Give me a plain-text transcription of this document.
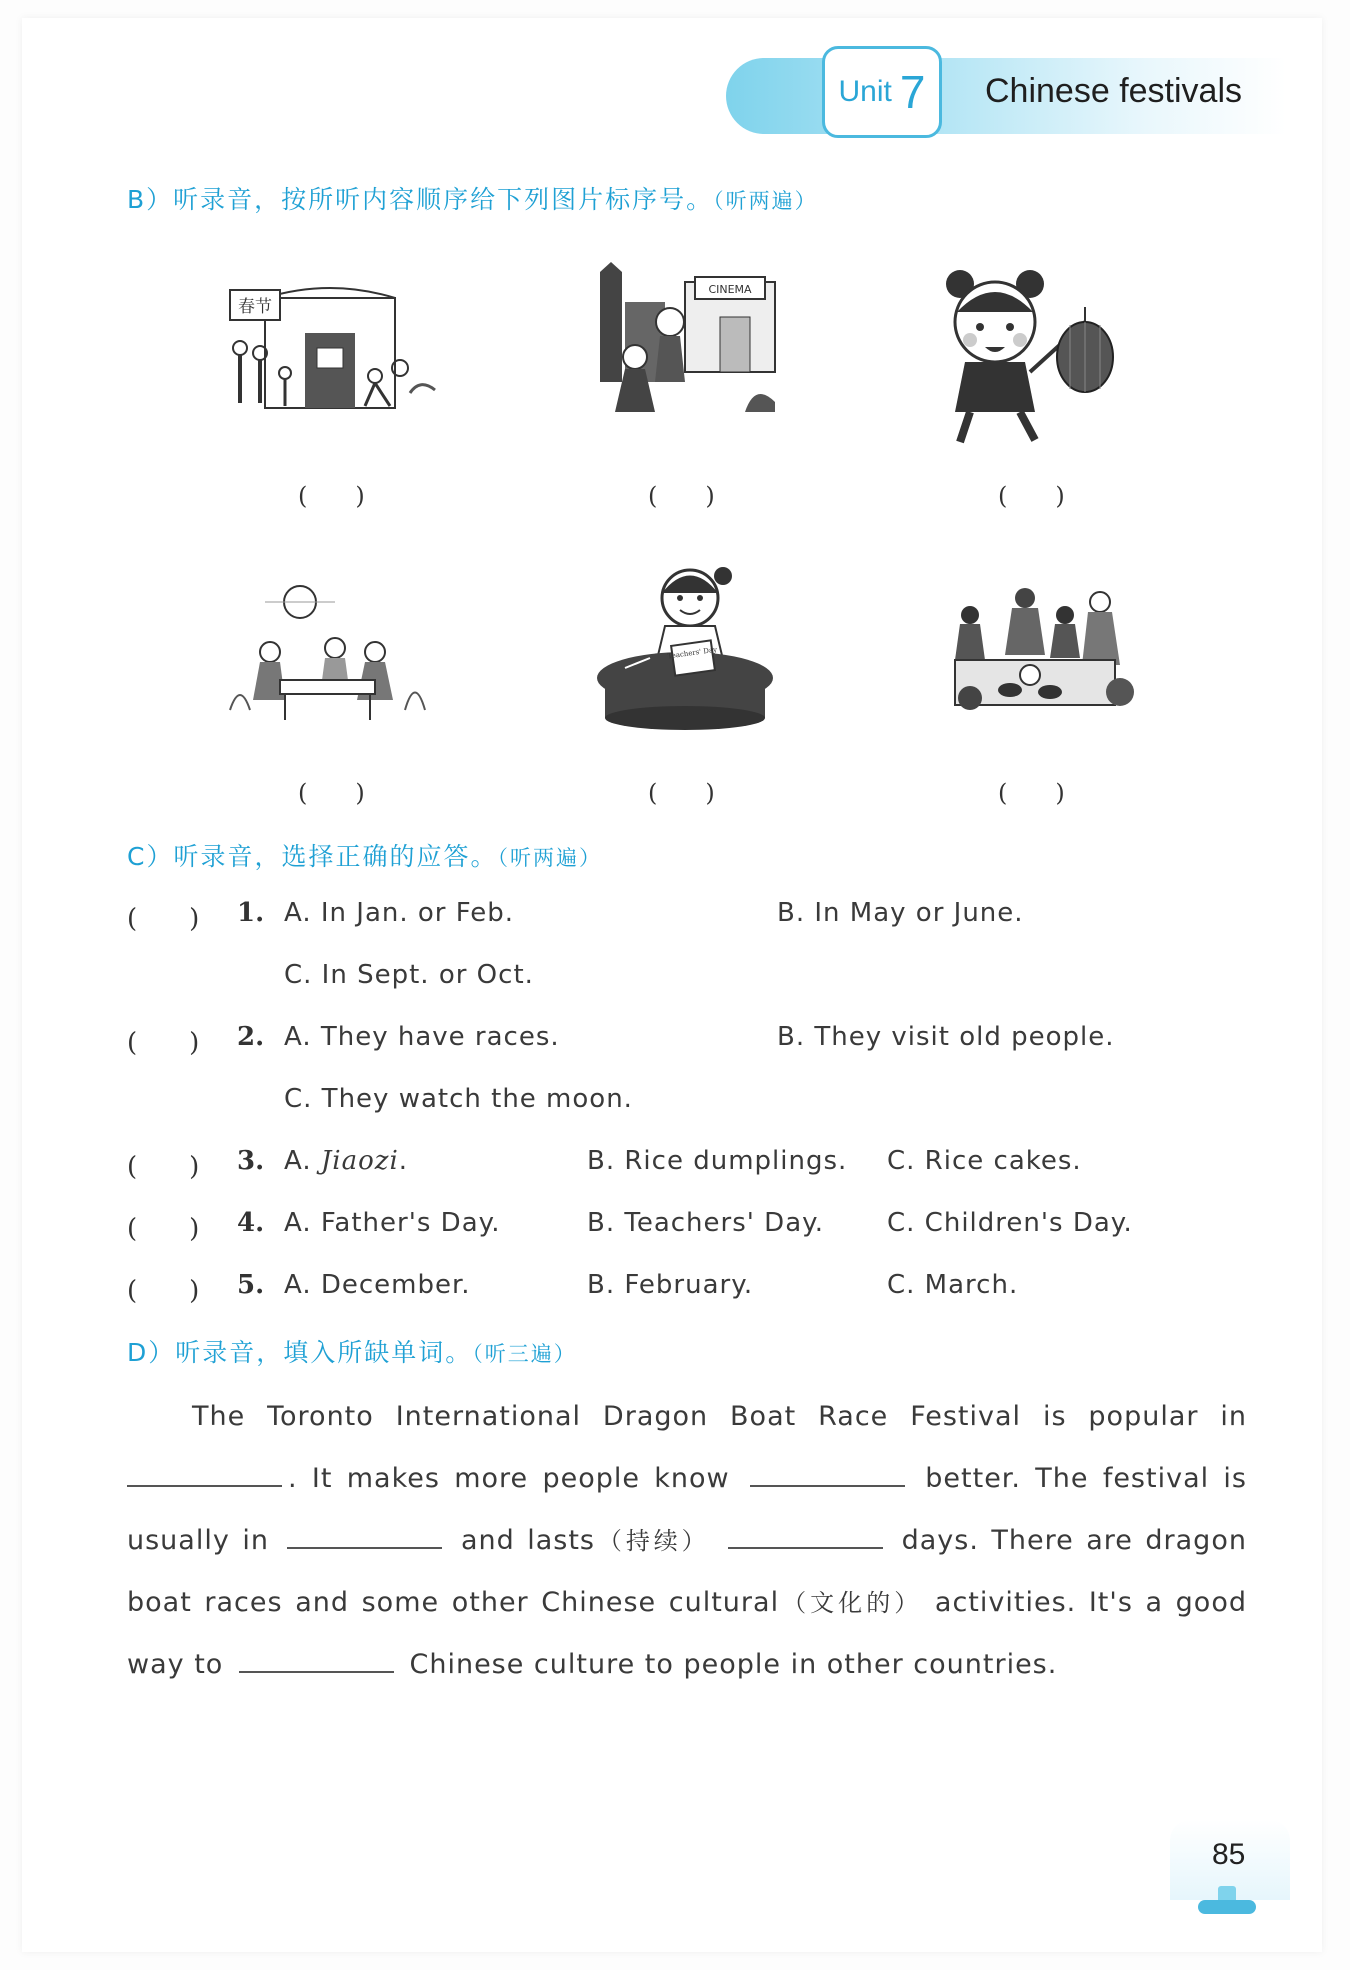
Unit 7 Chinese festivals
B）听录音，按所听内容顺序给下列图片标序号。（听两遍）
春节
(　　)
CINEMA
(　　)	(　　)
(　　)
Teachers' Day
(　　)	(　　)
C）听录音，选择正确的应答。（听两遍）
(　　) 1. A. In Jan. or Feb.	B. In May or June.
C. In Sept. or Oct.
(　　) 2. A. They have races.	B. They visit old people.
C. They watch the moon.
(　　) 3. A. Jiaozi.	B. Rice dumplings. C. Rice cakes.
(　　) 4. A. Father's Day.	B. Teachers' Day. C. Children's Day.
(　　) 5. A. December.	B. February.	C. March.
D）听录音，填入所缺单词。（听三遍）
The Toronto International Dragon Boat Race Festival is popular in
. It makes more people know	better. The festival is
usually in	and lasts（持续）	days. There are dragon
boat races and some other Chinese cultural（文化的） activities. It's a good
way to	Chinese culture to people in other countries.
85
